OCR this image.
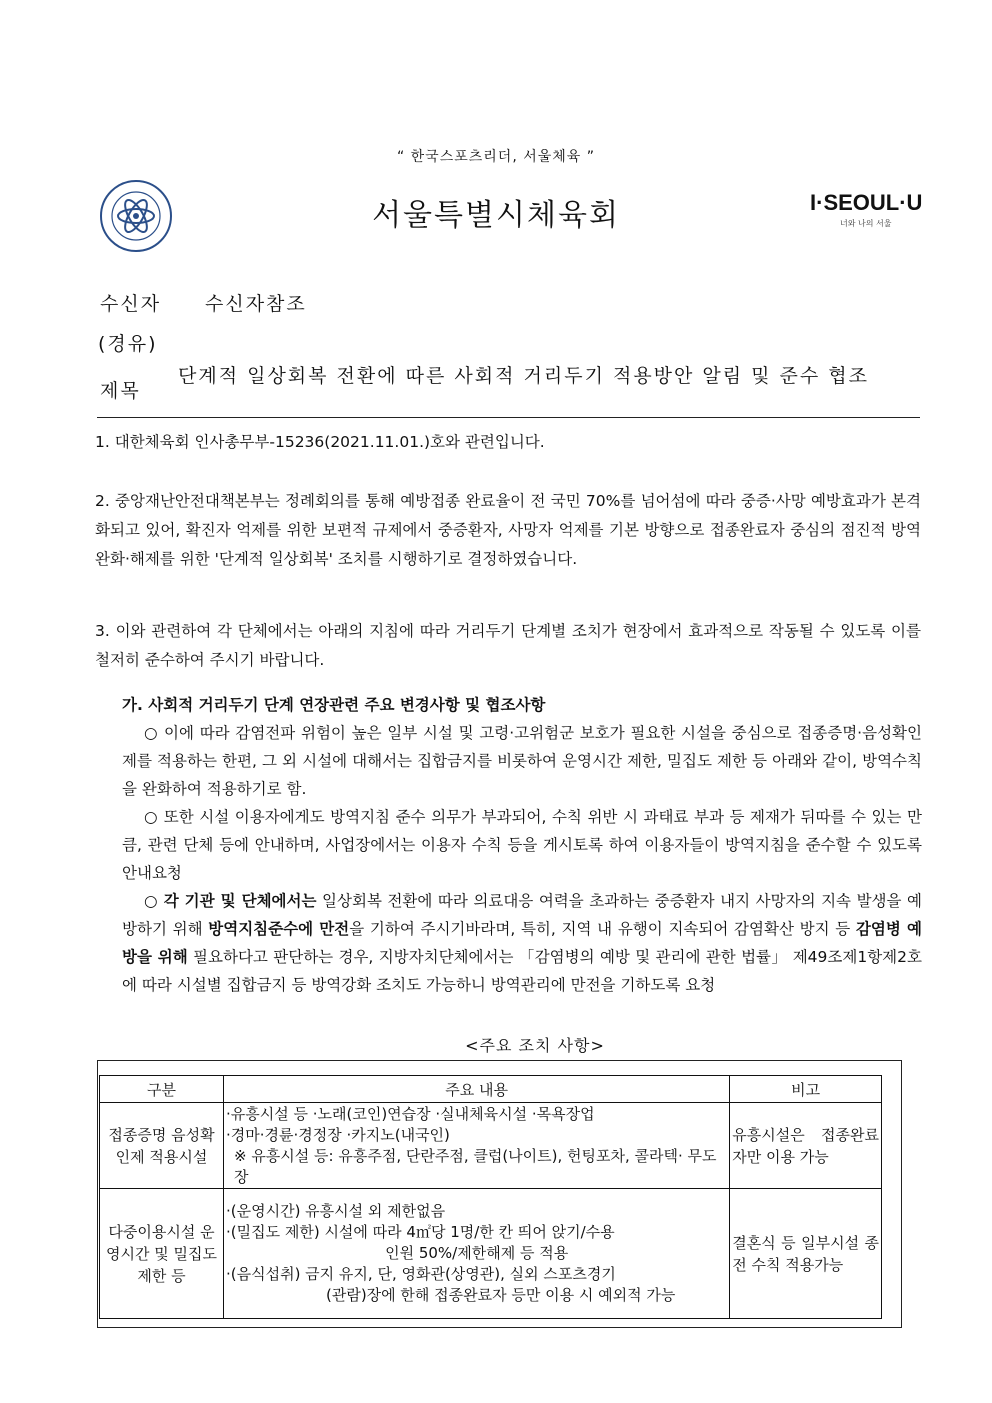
“ 한국스포츠리더, 서울체육 ”
서울특별시체육회	I·SEOUL·U
너와 나의 서울
수신자 수신자참조
(경유)
제목
단계적 일상회복 전환에 따른 사회적 거리두기 적용방안 알림 및 준수 협조
1. 대한체육회 인사총무부-15236(2021.11.01.)호와 관련입니다.
2. 중앙재난안전대책본부는 정례회의를 통해 예방접종 완료율이 전 국민 70%를 넘어섬에 따라 중증·사망 예방효과가 본격화되고 있어, 확진자 억제를 위한 보편적 규제에서 중증환자, 사망자 억제를 기본 방향으로 접종완료자 중심의 점진적 방역 완화·해제를 위한 '단계적 일상회복' 조치를 시행하기로 결정하였습니다.
3. 이와 관련하여 각 단체에서는 아래의 지침에 따라 거리두기 단계별 조치가 현장에서 효과적으로 작동될 수 있도록 이를 철저히 준수하여 주시기 바랍니다.
가. 사회적 거리두기 단계 연장관련 주요 변경사항 및 협조사항

○ 이에 따라 감염전파 위험이 높은 일부 시설 및 고령·고위험군 보호가 필요한 시설을 중심으로 접종증명·음성확인제를 적용하는 한편, 그 외 시설에 대해서는 집합금지를 비롯하여 운영시간 제한, 밀집도 제한 등 아래와 같이, 방역수칙을 완화하여 적용하기로 함.

○ 또한 시설 이용자에게도 방역지침 준수 의무가 부과되어, 수칙 위반 시 과태료 부과 등 제재가 뒤따를 수 있는 만큼, 관련 단체 등에 안내하며, 사업장에서는 이용자 수칙 등을 게시토록 하여 이용자들이 방역지침을 준수할 수 있도록 안내요청

○ 각 기관 및 단체에서는 일상회복 전환에 따라 의료대응 여력을 초과하는 중증환자 내지 사망자의 지속 발생을 예방하기 위해 방역지침준수에 만전을 기하여 주시기바라며, 특히, 지역 내 유행이 지속되어 감염확산 방지 등 감염병 예방을 위해 필요하다고 판단하는 경우, 지방자치단체에서는 「감염병의 예방 및 관리에 관한 법률」 제49조제1항제2호에 따라 시설별 집합금지 등 방역강화 조치도 가능하니 방역관리에 만전을 기하도록 요청

<주요 조치 사항>
구분	주요 내용	비고
접종증명 음성확인제 적용시설	·유흥시설 등 ·노래(코인)연습장 ·실내체육시설 ·목욕장업
·경마·경륜·경정장 ·카지노(내국인)
※ 유흥시설 등: 유흥주점, 단란주점, 클럽(나이트), 헌팅포차, 콜라텍· 무도장	유흥시설은 접종완료자만 이용 가능
다중이용시설 운영시간 및 밀집도 제한 등	·(운영시간) 유흥시설 외 제한없음
·(밀집도 제한) 시설에 따라 4㎡당 1명/한 칸 띄어 앉기/수용
인원 50%/제한해제 등 적용
·(음식섭취) 금지 유지, 단, 영화관(상영관), 실외 스포츠경기
(관람)장에 한해 접종완료자 등만 이용 시 예외적 가능	결혼식 등 일부시설 종전 수칙 적용가능
